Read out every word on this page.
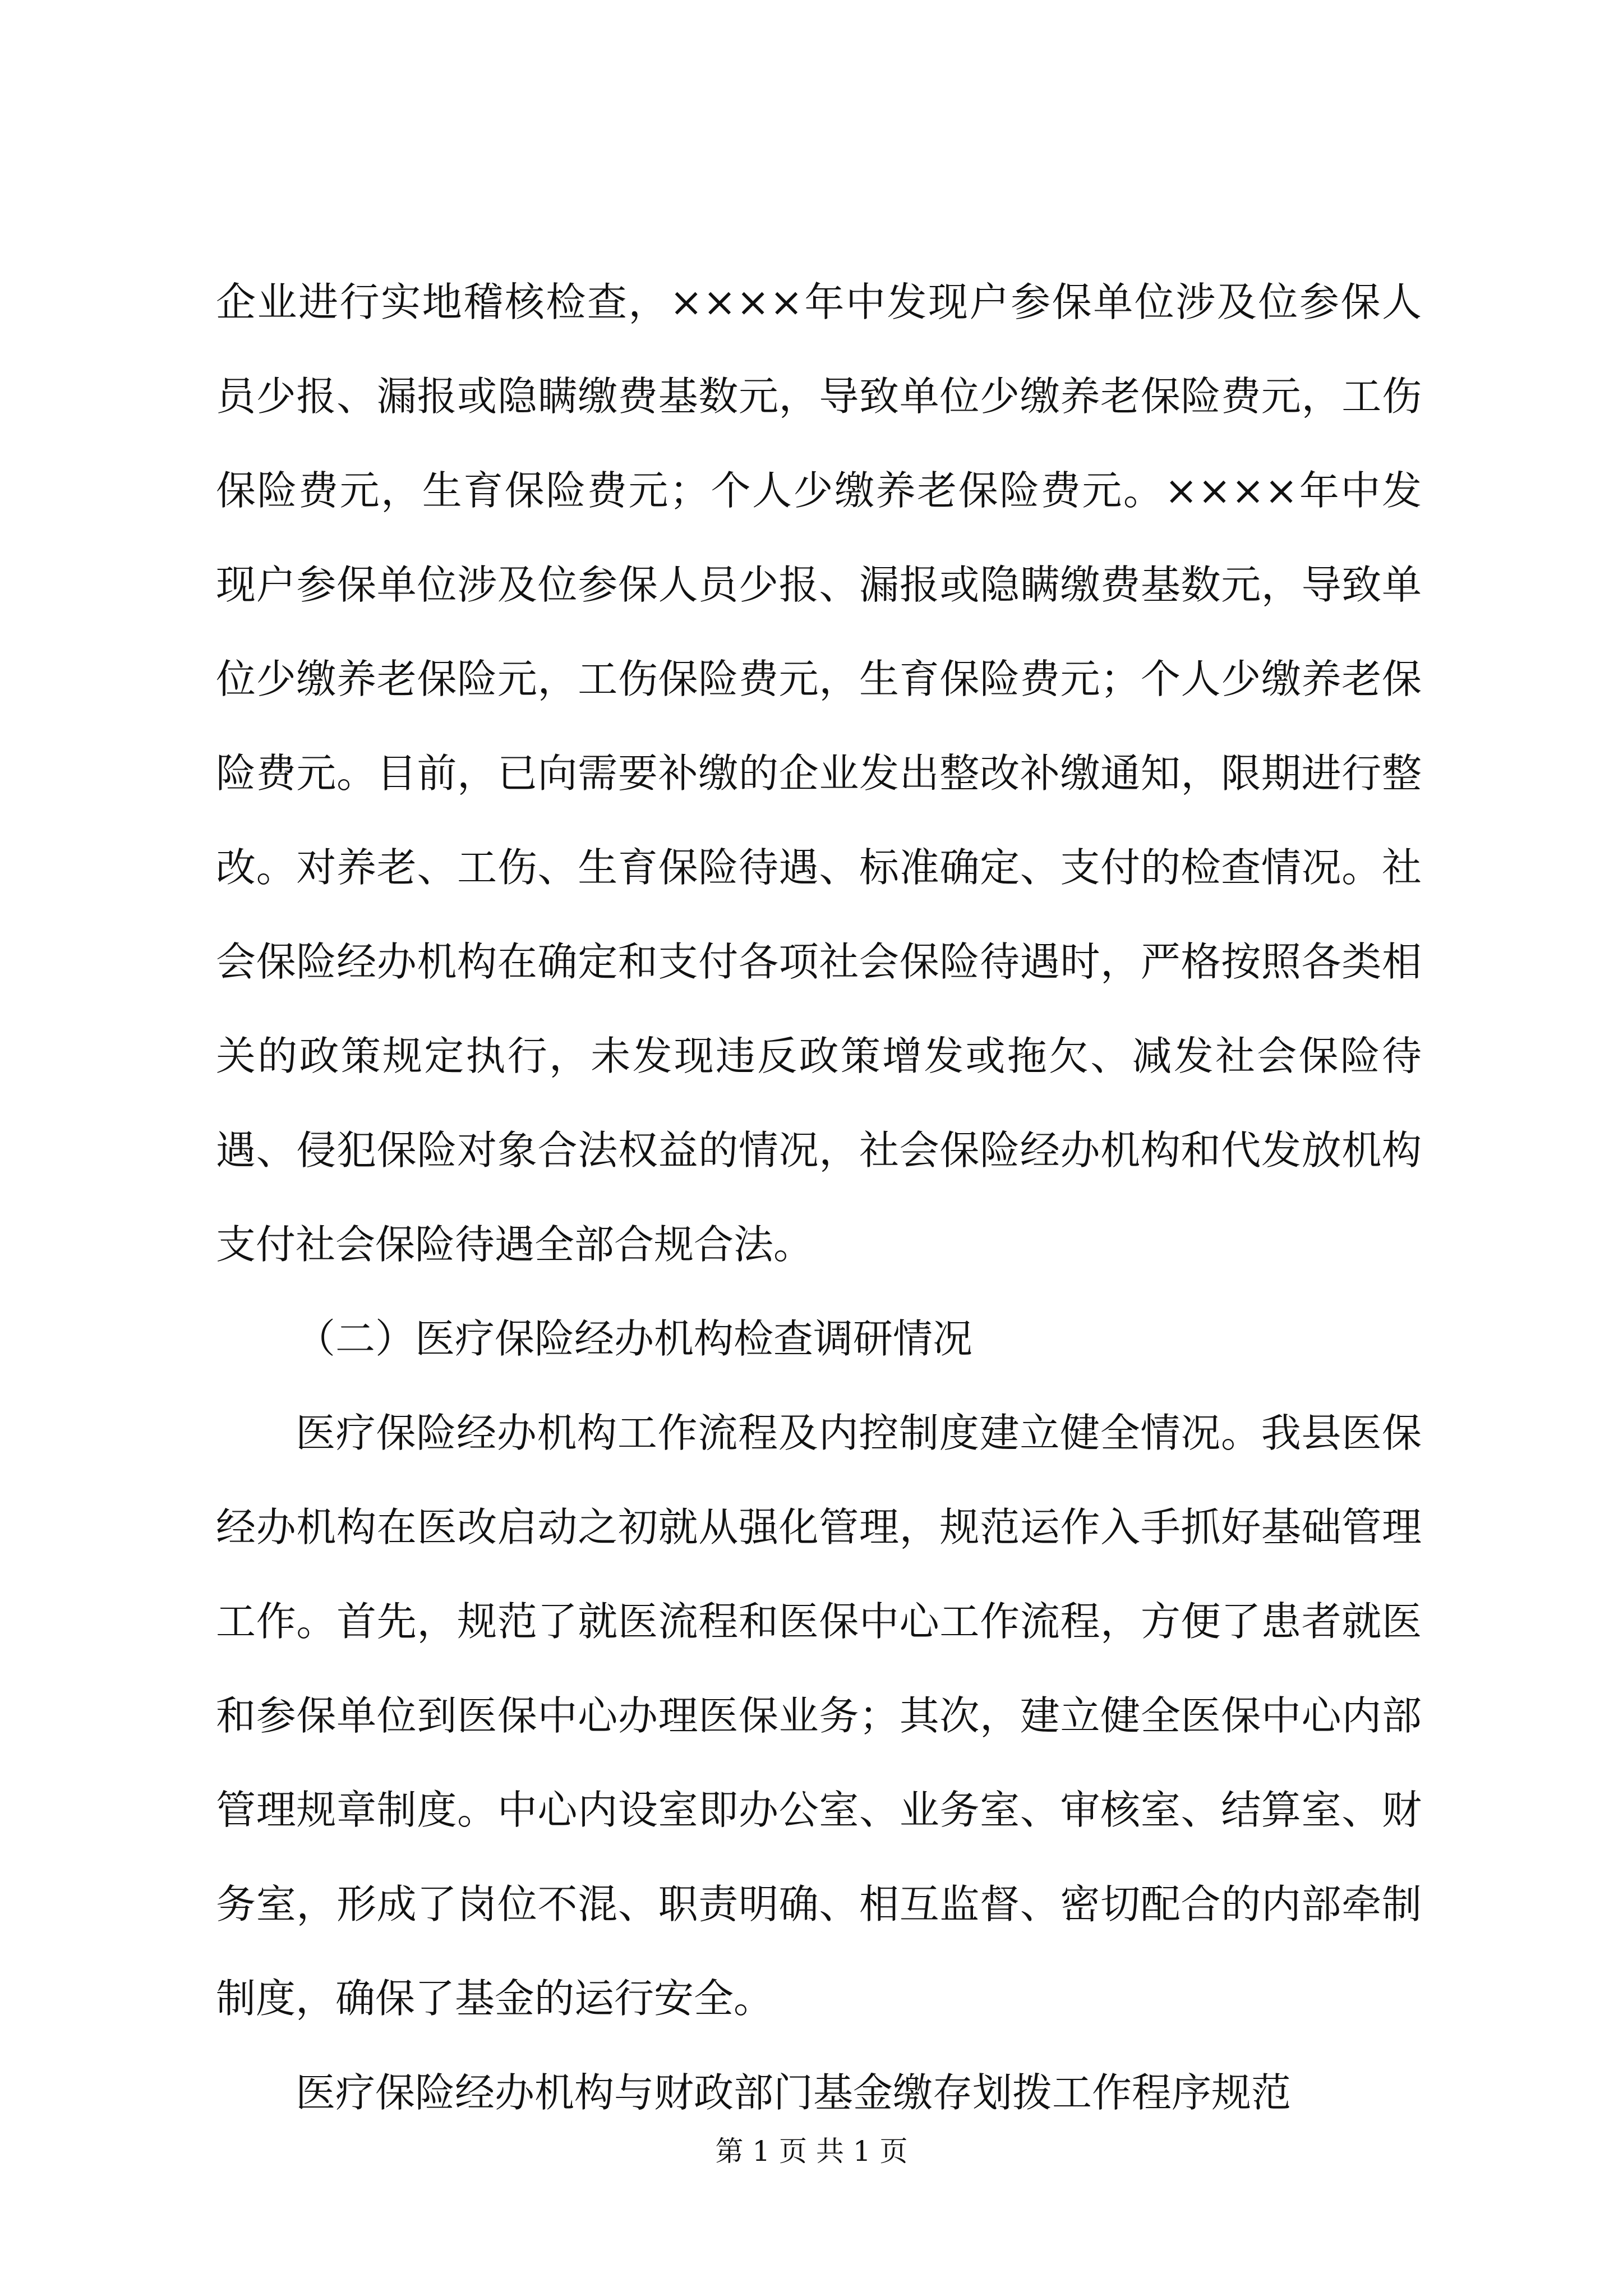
企业进行实地稽核检查，××××年中发现户参保单位涉及位参保人员少报、漏报或隐瞒缴费基数元，导致单位少缴养老保险费元，工伤保险费元，生育保险费元；个人少缴养老保险费元。××××年中发现户参保单位涉及位参保人员少报、漏报或隐瞒缴费基数元，导致单位少缴养老保险元，工伤保险费元，生育保险费元；个人少缴养老保险费元。目前，已向需要补缴的企业发出整改补缴通知，限期进行整改。对养老、工伤、生育保险待遇、标准确定、支付的检查情况。社会保险经办机构在确定和支付各项社会保险待遇时，严格按照各类相关的政策规定执行，未发现违反政策增发或拖欠、减发社会保险待遇、侵犯保险对象合法权益的情况，社会保险经办机构和代发放机构支付社会保险待遇全部合规合法。

（二）医疗保险经办机构检查调研情况

医疗保险经办机构工作流程及内控制度建立健全情况。我县医保经办机构在医改启动之初就从强化管理，规范运作入手抓好基础管理工作。首先，规范了就医流程和医保中心工作流程，方便了患者就医和参保单位到医保中心办理医保业务；其次，建立健全医保中心内部管理规章制度。中心内设室即办公室、业务室、审核室、结算室、财务室，形成了岗位不混、职责明确、相互监督、密切配合的内部牵制制度，确保了基金的运行安全。

医疗保险经办机构与财政部门基金缴存划拨工作程序规范

第 1 页 共 1 页
